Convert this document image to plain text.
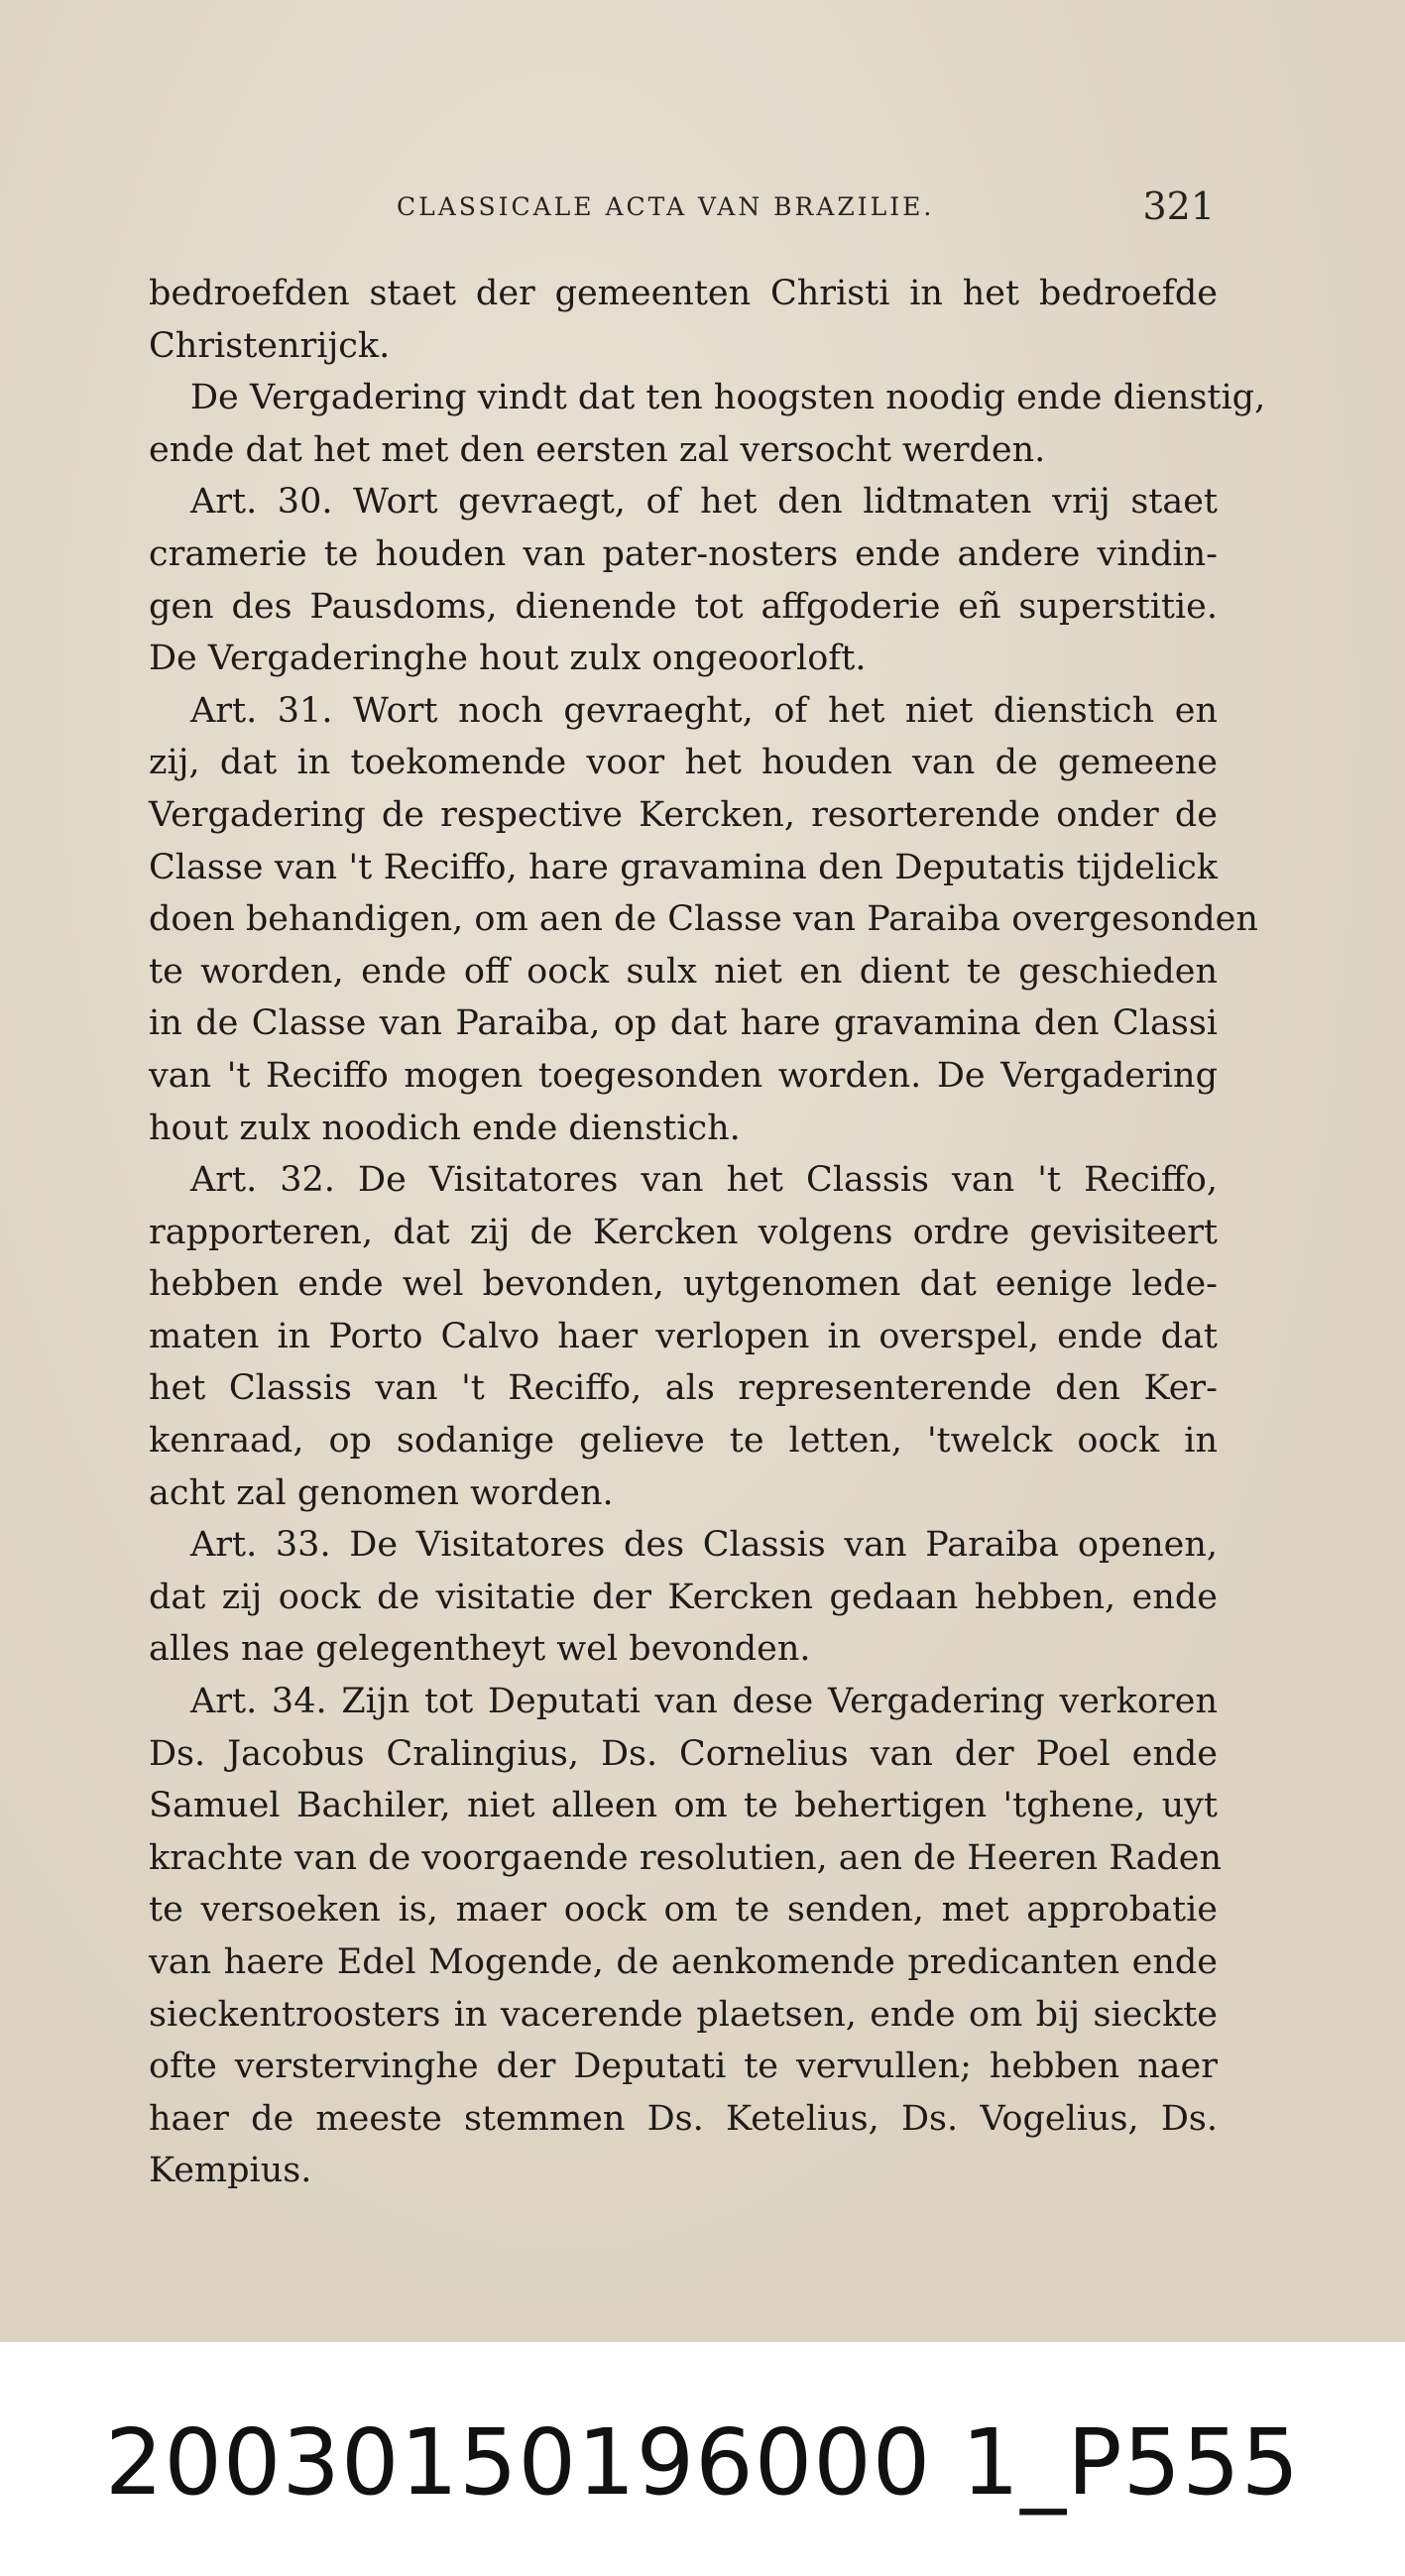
CLASSICALE ACTA VAN BRAZILIE.	321
bedroefden staet der gemeenten Christi in het bedroefde
Christenrijck.
De Vergadering vindt dat ten hoogsten noodig ende dienstig,
ende dat het met den eersten zal versocht werden.
Art. 30. Wort gevraegt, of het den lidtmaten vrij staet
cramerie te houden van pater-nosters ende andere vindin-
gen des Pausdoms, dienende tot affgoderie eñ superstitie.
De Vergaderinghe hout zulx ongeoorloft.
Art. 31. Wort noch gevraeght, of het niet dienstich en
zij, dat in toekomende voor het houden van de gemeene
Vergadering de respective Kercken, resorterende onder de
Classe van 't Reciffo, hare gravamina den Deputatis tijdelick
doen behandigen, om aen de Classe van Paraiba overgesonden
te worden, ende off oock sulx niet en dient te geschieden
in de Classe van Paraiba, op dat hare gravamina den Classi
van 't Reciffo mogen toegesonden worden. De Vergadering
hout zulx noodich ende dienstich.
Art. 32. De Visitatores van het Classis van 't Reciffo,
rapporteren, dat zij de Kercken volgens ordre gevisiteert
hebben ende wel bevonden, uytgenomen dat eenige lede-
maten in Porto Calvo haer verlopen in overspel, ende dat
het Classis van 't Reciffo, als representerende den Ker-
kenraad, op sodanige gelieve te letten, 'twelck oock in
acht zal genomen worden.
Art. 33. De Visitatores des Classis van Paraiba openen,
dat zij oock de visitatie der Kercken gedaan hebben, ende
alles nae gelegentheyt wel bevonden.
Art. 34. Zijn tot Deputati van dese Vergadering verkoren
Ds. Jacobus Cralingius, Ds. Cornelius van der Poel ende
Samuel Bachiler, niet alleen om te behertigen 'tghene, uyt
krachte van de voorgaende resolutien, aen de Heeren Raden
te versoeken is, maer oock om te senden, met approbatie
van haere Edel Mogende, de aenkomende predicanten ende
sieckentroosters in vacerende plaetsen, ende om bij sieckte
ofte verstervinghe der Deputati te vervullen; hebben naer
haer de meeste stemmen Ds. Ketelius, Ds. Vogelius, Ds.
Kempius.
20030150196000 1_P555
